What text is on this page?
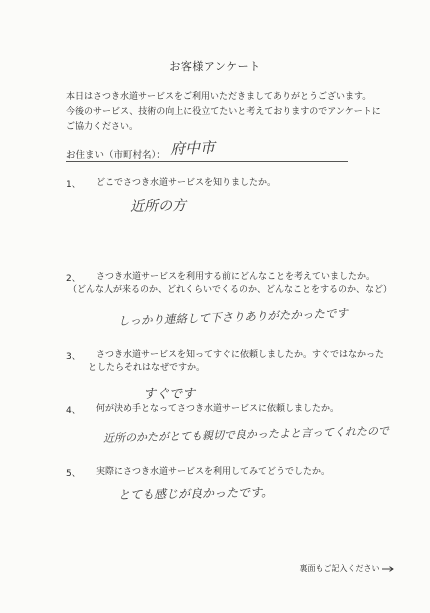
お客様アンケート
本日はさつき水道サービスをご利用いただきましてありがとうございます。
今後のサービス、技術の向上に役立てたいと考えておりますのでアンケートに
ご協力ください。
お住まい（市町村名）： 府中市
1、 どこでさつき水道サービスを知りましたか。
近所の方
2、 さつき水道サービスを利用する前にどんなことを考えていましたか。
（どんな人が来るのか、どれくらいでくるのか、どんなことをするのか、など）
しっかり連絡して下さりありがたかったです
3、 さつき水道サービスを知ってすぐに依頼しましたか。すぐではなかった
としたらそれはなぜですか。
すぐです
4、 何が決め手となってさつき水道サービスに依頼しましたか。
近所のかたがとても親切で良かったよと言ってくれたので
5、 実際にさつき水道サービスを利用してみてどうでしたか。
とても感じが良かったです。
裏面もご記入ください
